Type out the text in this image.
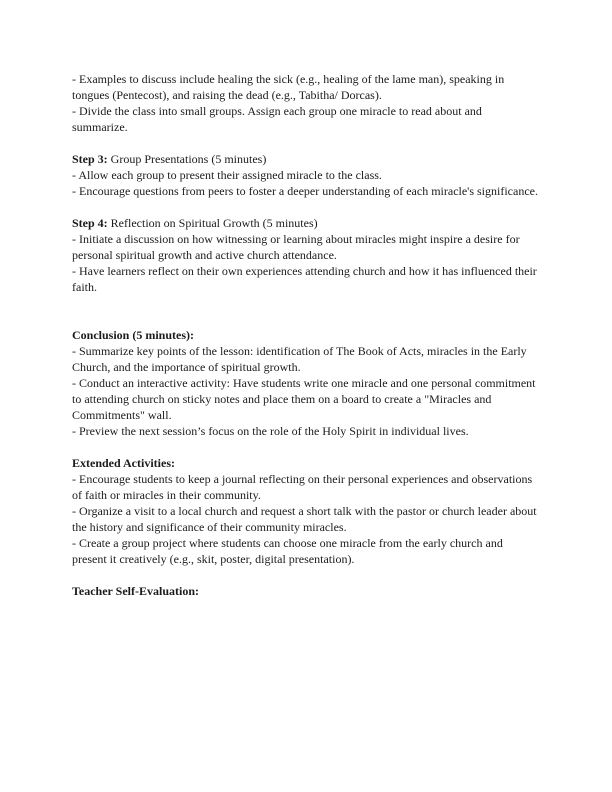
- Examples to discuss include healing the sick (e.g., healing of the lame man), speaking in
tongues (Pentecost), and raising the dead (e.g., Tabitha/ Dorcas).
- Divide the class into small groups. Assign each group one miracle to read about and
summarize.
Step 3: Group Presentations (5 minutes)
- Allow each group to present their assigned miracle to the class.
- Encourage questions from peers to foster a deeper understanding of each miracle's significance.
Step 4: Reflection on Spiritual Growth (5 minutes)
- Initiate a discussion on how witnessing or learning about miracles might inspire a desire for
personal spiritual growth and active church attendance.
- Have learners reflect on their own experiences attending church and how it has influenced their
faith.
Conclusion (5 minutes):
- Summarize key points of the lesson: identification of The Book of Acts, miracles in the Early
Church, and the importance of spiritual growth.
- Conduct an interactive activity: Have students write one miracle and one personal commitment
to attending church on sticky notes and place them on a board to create a "Miracles and
Commitments" wall.
- Preview the next session’s focus on the role of the Holy Spirit in individual lives.
Extended Activities:
- Encourage students to keep a journal reflecting on their personal experiences and observations
of faith or miracles in their community.
- Organize a visit to a local church and request a short talk with the pastor or church leader about
the history and significance of their community miracles.
- Create a group project where students can choose one miracle from the early church and
present it creatively (e.g., skit, poster, digital presentation).
Teacher Self-Evaluation:
